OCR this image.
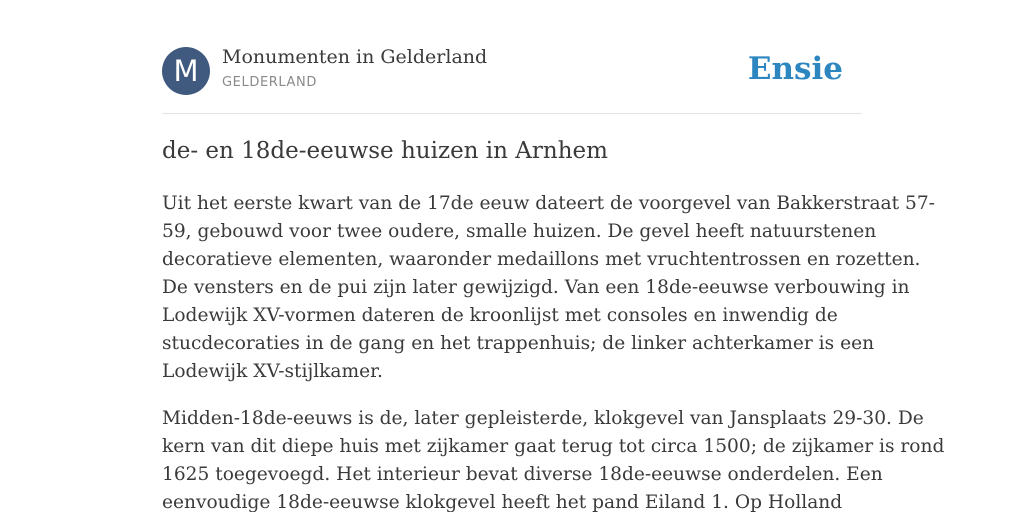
M	Monumenten in Gelderland
GELDERLAND	Ensie
de- en 18de-eeuwse huizen in Arnhem

Uit het eerste kwart van de 17de eeuw dateert de voorgevel van Bakkerstraat 57-
59, gebouwd voor twee oudere, smalle huizen. De gevel heeft natuurstenen
decoratieve elementen, waaronder medaillons met vruchtentrossen en rozetten.
De vensters en de pui zijn later gewijzigd. Van een 18de-eeuwse verbouwing in
Lodewijk XV-vormen dateren de kroonlijst met consoles en inwendig de
stucdecoraties in de gang en het trappenhuis; de linker achterkamer is een
Lodewijk XV-stijlkamer.

Midden-18de-eeuws is de, later gepleisterde, klokgevel van Jansplaats 29-30. De
kern van dit diepe huis met zijkamer gaat terug tot circa 1500; de zijkamer is rond
1625 toegevoegd. Het interieur bevat diverse 18de-eeuwse onderdelen. Een
eenvoudige 18de-eeuwse klokgevel heeft het pand Eiland 1. Op Holland
